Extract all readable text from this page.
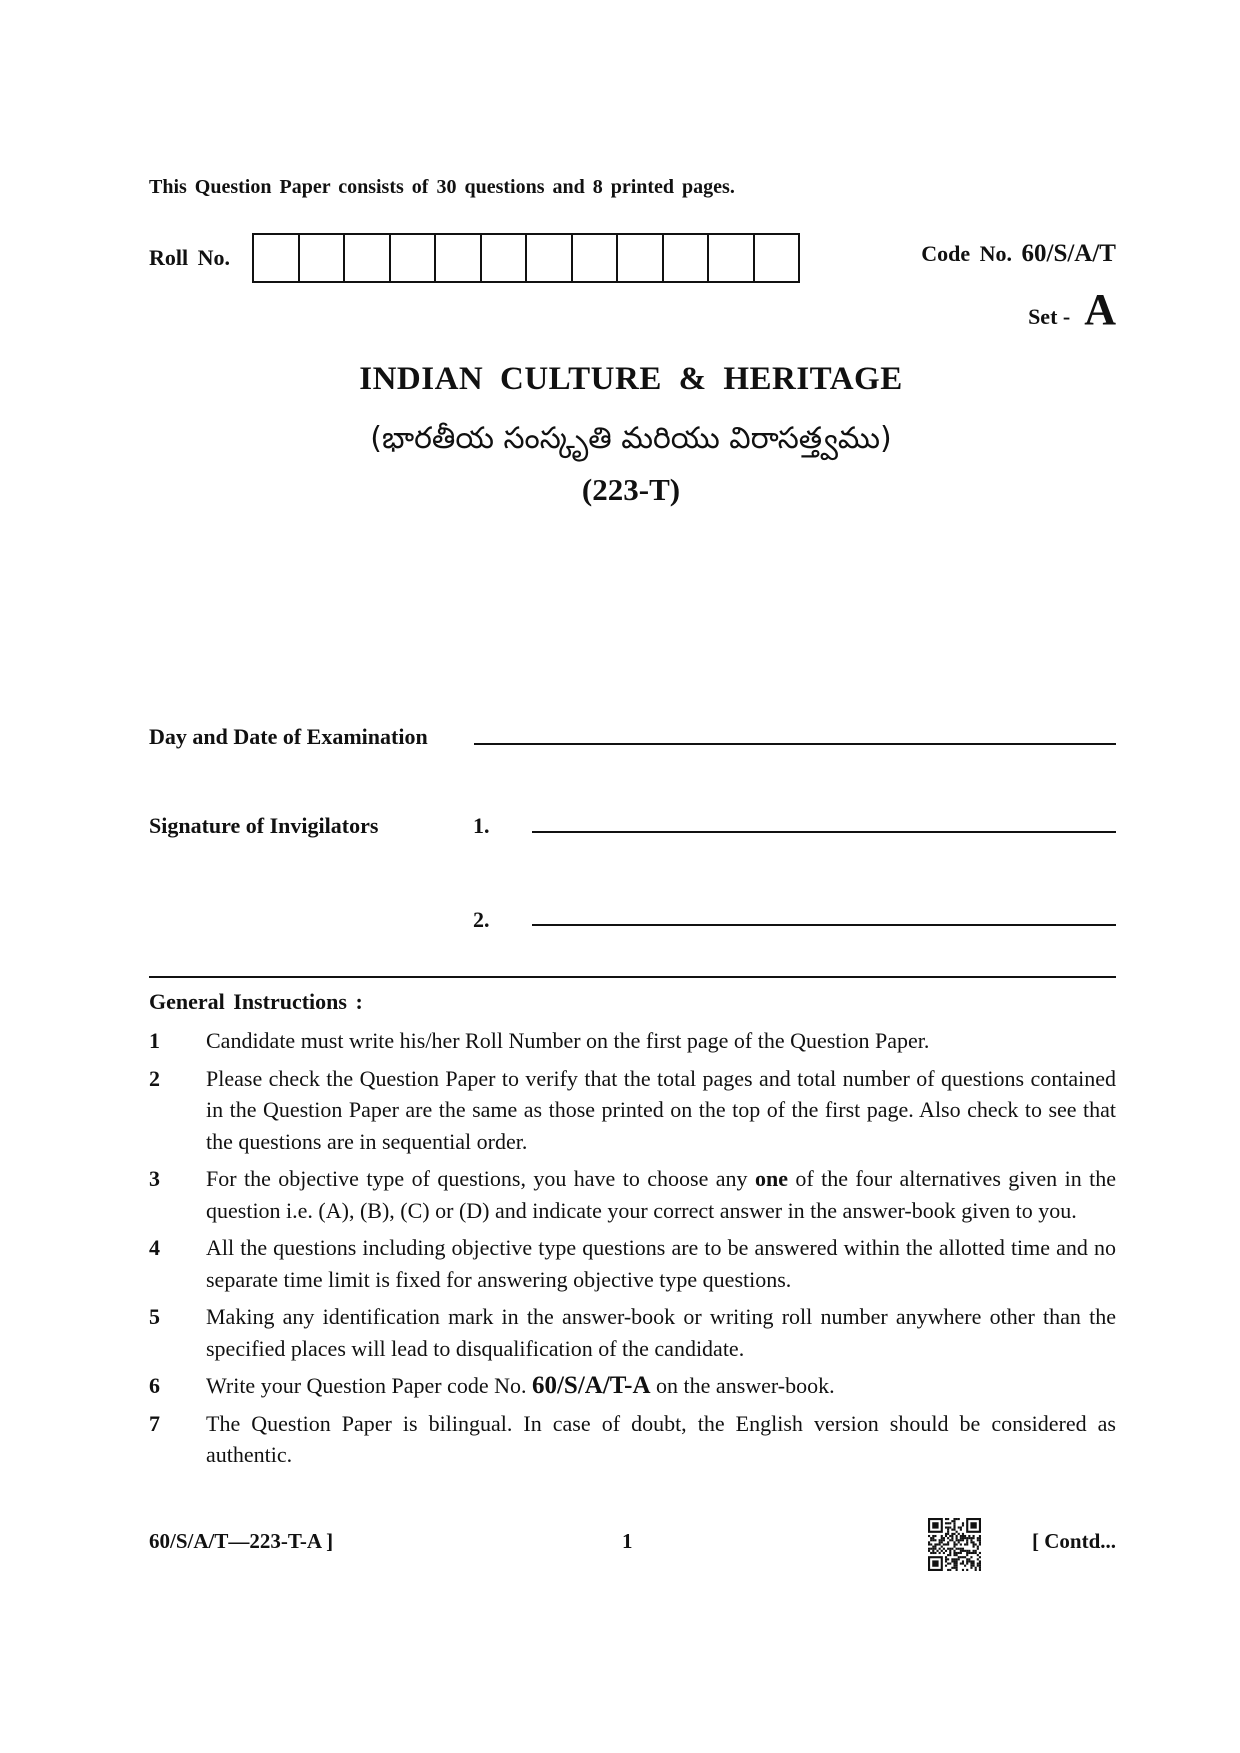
This Question Paper consists of 30 questions and 8 printed pages.
Roll No.	Code No. 60/S/A/T
Set - A
INDIAN CULTURE & HERITAGE
(భారతీయ సంస్కృతి మరియు విరాసత్త్వము)
(223-T)
Day and Date of Examination
Signature of Invigilators	1.
2.
General Instructions :
1	Candidate must write his/her Roll Number on the first page of the Question Paper.
2	Please check the Question Paper to verify that the total pages and total number of questions contained in the Question Paper are the same as those printed on the top of the first page. Also check to see that the questions are in sequential order.
3	For the objective type of questions, you have to choose any one of the four alternatives given in the question i.e. (A), (B), (C) or (D) and indicate your correct answer in the answer-book given to you.
4	All the questions including objective type questions are to be answered within the allotted time and no separate time limit is fixed for answering objective type questions.
5	Making any identification mark in the answer-book or writing roll number anywhere other than the specified places will lead to disqualification of the candidate.
6	Write your Question Paper code No. 60/S/A/T-A on the answer-book.
7	The Question Paper is bilingual. In case of doubt, the English version should be considered as authentic.
60/S/A/T—223-T-A ]	1	[ Contd...
